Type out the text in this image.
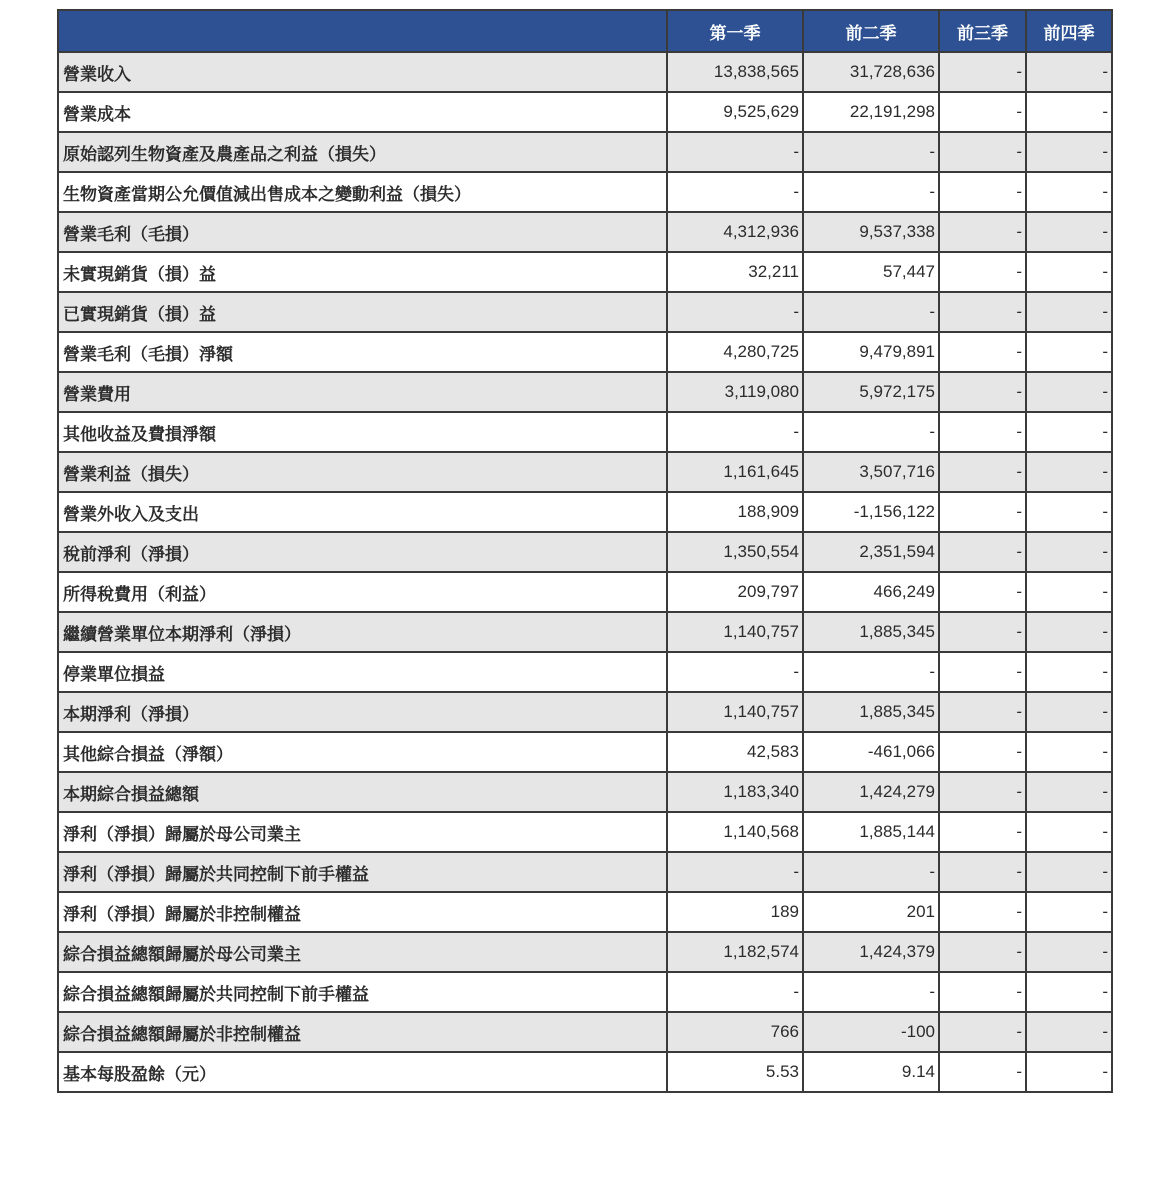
	第一季	前二季	前三季	前四季
營業收入	13,838,565	31,728,636	-	-
營業成本	9,525,629	22,191,298	-	-
原始認列生物資產及農產品之利益（損失）	-	-	-	-
生物資產當期公允價值減出售成本之變動利益（損失）	-	-	-	-
營業毛利（毛損）	4,312,936	9,537,338	-	-
未實現銷貨（損）益	32,211	57,447	-	-
已實現銷貨（損）益	-	-	-	-
營業毛利（毛損）淨額	4,280,725	9,479,891	-	-
營業費用	3,119,080	5,972,175	-	-
其他收益及費損淨額	-	-	-	-
營業利益（損失）	1,161,645	3,507,716	-	-
營業外收入及支出	188,909	-1,156,122	-	-
稅前淨利（淨損）	1,350,554	2,351,594	-	-
所得稅費用（利益）	209,797	466,249	-	-
繼續營業單位本期淨利（淨損）	1,140,757	1,885,345	-	-
停業單位損益	-	-	-	-
本期淨利（淨損）	1,140,757	1,885,345	-	-
其他綜合損益（淨額）	42,583	-461,066	-	-
本期綜合損益總額	1,183,340	1,424,279	-	-
淨利（淨損）歸屬於母公司業主	1,140,568	1,885,144	-	-
淨利（淨損）歸屬於共同控制下前手權益	-	-	-	-
淨利（淨損）歸屬於非控制權益	189	201	-	-
綜合損益總額歸屬於母公司業主	1,182,574	1,424,379	-	-
綜合損益總額歸屬於共同控制下前手權益	-	-	-	-
綜合損益總額歸屬於非控制權益	766	-100	-	-
基本每股盈餘（元）	5.53	9.14	-	-
